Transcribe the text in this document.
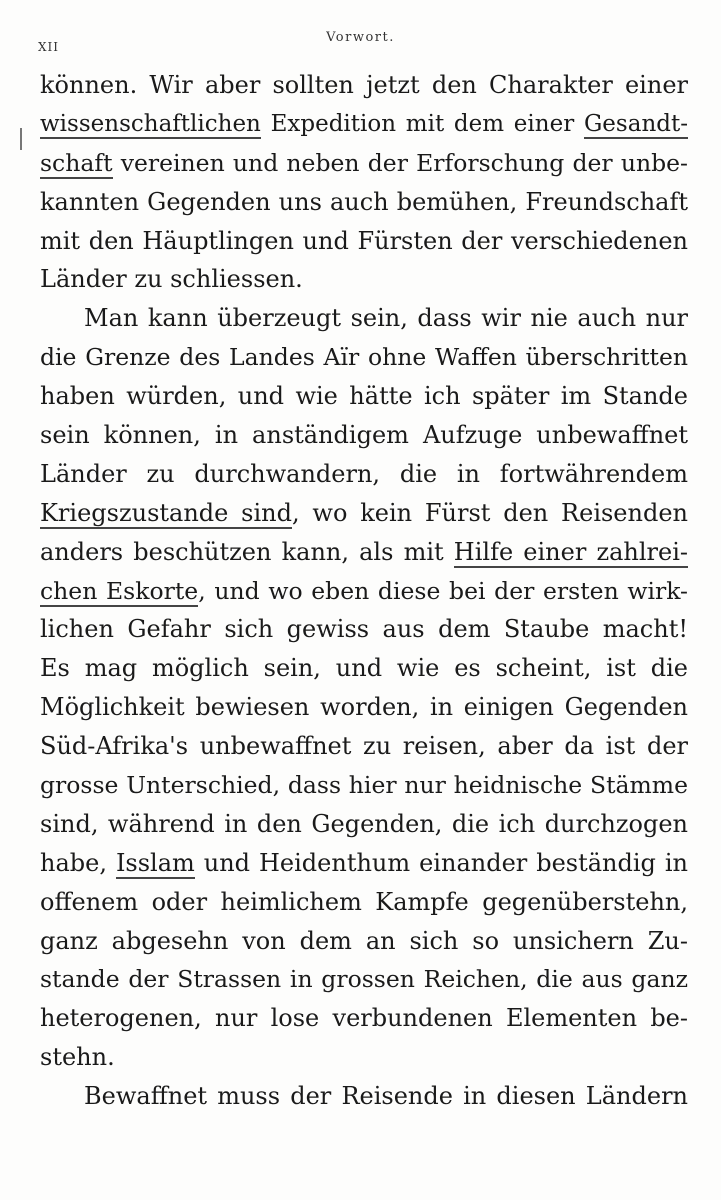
XII
Vorwort.
können. Wir aber sollten jetzt den Charakter einer
wissenschaftlichen Expedition mit dem einer Gesandt-
schaft vereinen und neben der Erforschung der unbe-
kannten Gegenden uns auch bemühen, Freundschaft
mit den Häuptlingen und Fürsten der verschiedenen
Länder zu schliessen.
Man kann überzeugt sein, dass wir nie auch nur
die Grenze des Landes Aïr ohne Waffen überschritten
haben würden, und wie hätte ich später im Stande
sein können, in anständigem Aufzuge unbewaffnet
Länder zu durchwandern, die in fortwährendem
Kriegszustande sind, wo kein Fürst den Reisenden
anders beschützen kann, als mit Hilfe einer zahlrei-
chen Eskorte, und wo eben diese bei der ersten wirk-
lichen Gefahr sich gewiss aus dem Staube macht!
Es mag möglich sein, und wie es scheint, ist die
Möglichkeit bewiesen worden, in einigen Gegenden
Süd-Afrika's unbewaffnet zu reisen, aber da ist der
grosse Unterschied, dass hier nur heidnische Stämme
sind, während in den Gegenden, die ich durchzogen
habe, Isslam und Heidenthum einander beständig in
offenem oder heimlichem Kampfe gegenüberstehn,
ganz abgesehn von dem an sich so unsichern Zu-
stande der Strassen in grossen Reichen, die aus ganz
heterogenen, nur lose verbundenen Elementen be-
stehn.
Bewaffnet muss der Reisende in diesen Ländern
